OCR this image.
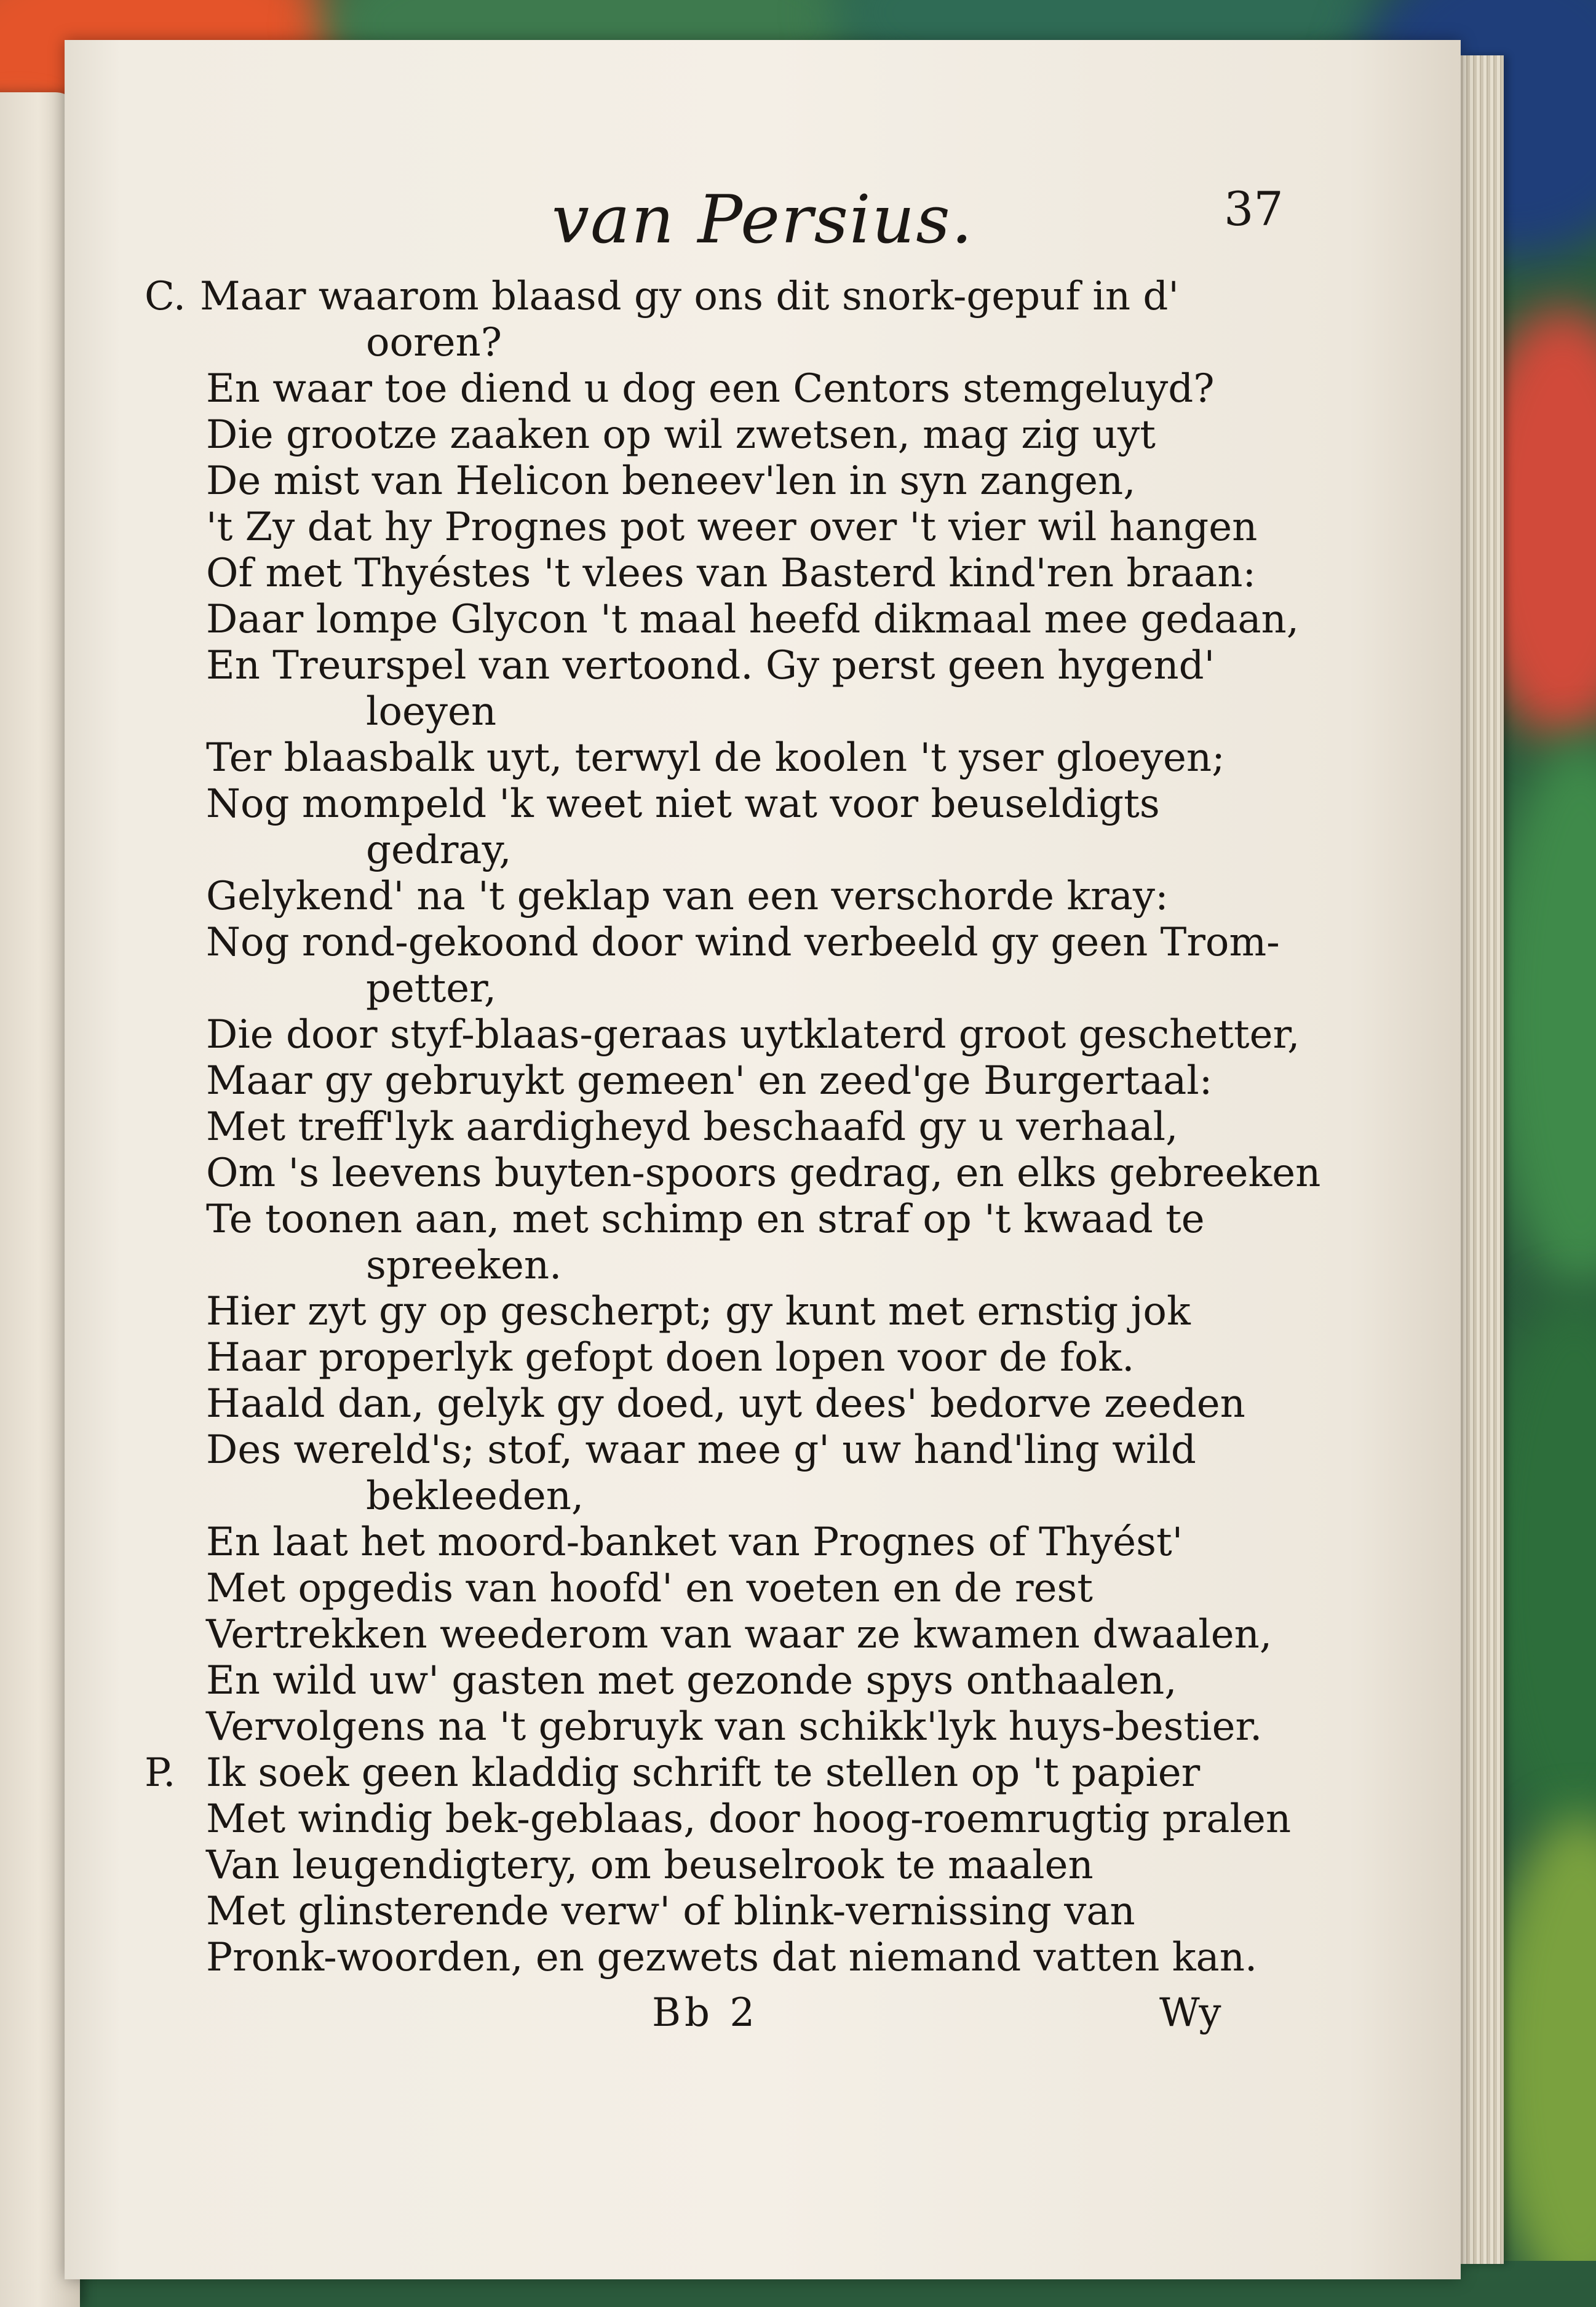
van Persius.	37
C. Maar waarom blaasd gy ons dit snork-gepuf in d'
ooren?
En waar toe diend u dog een Centors stemgeluyd?
Die grootze zaaken op wil zwetsen, mag zig uyt
De mist van Helicon beneev'len in syn zangen,
't Zy dat hy Prognes pot weer over 't vier wil hangen
Of met Thyéstes 't vlees van Basterd kind'ren braan:
Daar lompe Glycon 't maal heefd dikmaal mee gedaan,
En Treurspel van vertoond. Gy perst geen hygend'
loeyen
Ter blaasbalk uyt, terwyl de koolen 't yser gloeyen;
Nog mompeld 'k weet niet wat voor beuseldigts
gedray,
Gelykend' na 't geklap van een verschorde kray:
Nog rond-gekoond door wind verbeeld gy geen Trom-
petter,
Die door styf-blaas-geraas uytklaterd groot geschetter,
Maar gy gebruykt gemeen' en zeed'ge Burgertaal:
Met treff'lyk aardigheyd beschaafd gy u verhaal,
Om 's leevens buyten-spoors gedrag, en elks gebreeken
Te toonen aan, met schimp en straf op 't kwaad te
spreeken.
Hier zyt gy op gescherpt; gy kunt met ernstig jok
Haar properlyk gefopt doen lopen voor de fok.
Haald dan, gelyk gy doed, uyt dees' bedorve zeeden
Des wereld's; stof, waar mee g' uw hand'ling wild
bekleeden,
En laat het moord-banket van Prognes of Thyést'
Met opgedis van hoofd' en voeten en de rest
Vertrekken weederom van waar ze kwamen dwaalen,
En wild uw' gasten met gezonde spys onthaalen,
Vervolgens na 't gebruyk van schikk'lyk huys-bestier.
P. Ik soek geen kladdig schrift te stellen op 't papier
Met windig bek-geblaas, door hoog-roemrugtig pralen
Van leugendigtery, om beuselrook te maalen
Met glinsterende verw' of blink-vernissing van
Pronk-woorden, en gezwets dat niemand vatten kan.
Bb 2	Wy
